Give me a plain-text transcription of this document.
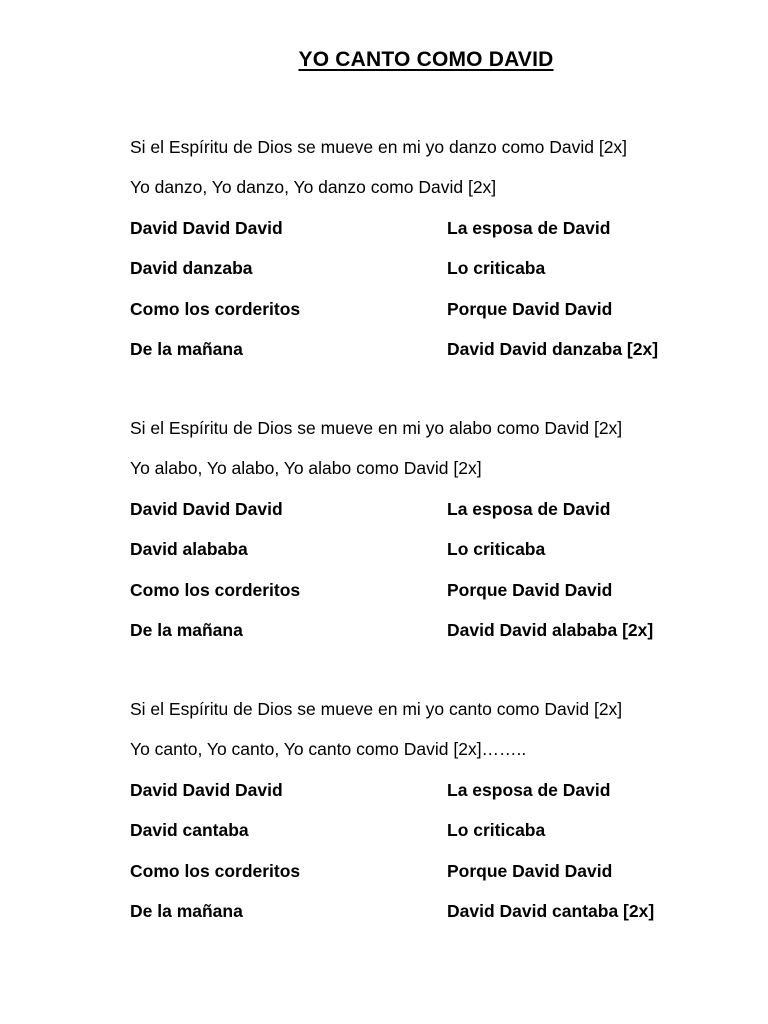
YO CANTO COMO DAVID
Si el Espíritu de Dios se mueve en mi yo danzo como David [2x]
Yo danzo, Yo danzo, Yo danzo como David [2x]
David David David	La esposa de David
David danzaba	Lo criticaba
Como los corderitos	Porque David David
De la mañana	David David danzaba [2x]
Si el Espíritu de Dios se mueve en mi yo alabo como David [2x]
Yo alabo, Yo alabo, Yo alabo como David [2x]
David David David	La esposa de David
David alababa	Lo criticaba
Como los corderitos	Porque David David
De la mañana	David David alababa [2x]
Si el Espíritu de Dios se mueve en mi yo canto como David [2x]
Yo canto, Yo canto, Yo canto como David [2x]……..
David David David	La esposa de David
David cantaba	Lo criticaba
Como los corderitos	Porque David David
De la mañana	David David cantaba [2x]
